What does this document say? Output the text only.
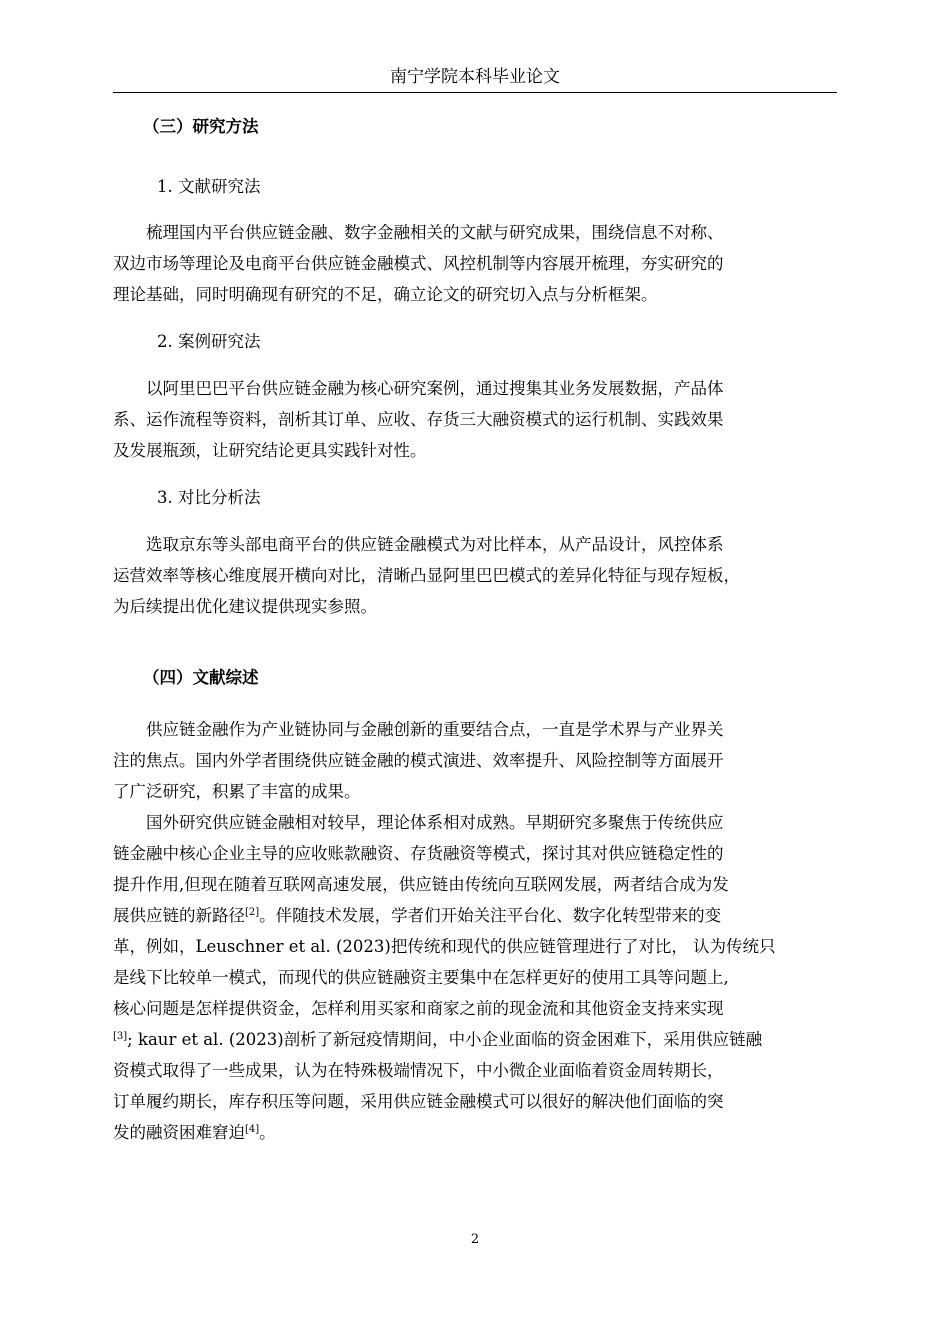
南宁学院本科毕业论文
（三）研究方法
1. 文献研究法
梳理国内平台供应链金融、数字金融相关的文献与研究成果，围绕信息不对称、
双边市场等理论及电商平台供应链金融模式、风控机制等内容展开梳理，夯实研究的
理论基础，同时明确现有研究的不足，确立论文的研究切入点与分析框架。
2. 案例研究法
以阿里巴巴平台供应链金融为核心研究案例，通过搜集其业务发展数据，产品体
系、运作流程等资料，剖析其订单、应收、存货三大融资模式的运行机制、实践效果
及发展瓶颈，让研究结论更具实践针对性。
3. 对比分析法
选取京东等头部电商平台的供应链金融模式为对比样本，从产品设计，风控体系
运营效率等核心维度展开横向对比，清晰凸显阿里巴巴模式的差异化特征与现存短板，
为后续提出优化建议提供现实参照。
（四）文献综述
供应链金融作为产业链协同与金融创新的重要结合点，一直是学术界与产业界关
注的焦点。国内外学者围绕供应链金融的模式演进、效率提升、风险控制等方面展开
了广泛研究，积累了丰富的成果。
国外研究供应链金融相对较早，理论体系相对成熟。早期研究多聚焦于传统供应
链金融中核心企业主导的应收账款融资、存货融资等模式，探讨其对供应链稳定性的
提升作用,但现在随着互联网高速发展，供应链由传统向互联网发展，两者结合成为发
展供应链的新路径[2]。伴随技术发展，学者们开始关注平台化、数字化转型带来的变
革，例如，Leuschner et al. (2023)把传统和现代的供应链管理进行了对比， 认为传统只
是线下比较单一模式，而现代的供应链融资主要集中在怎样更好的使用工具等问题上,
核心问题是怎样提供资金，怎样利用买家和商家之前的现金流和其他资金支持来实现
[3]; kaur et al. (2023)剖析了新冠疫情期间，中小企业面临的资金困难下，采用供应链融
资模式取得了一些成果，认为在特殊极端情况下，中小微企业面临着资金周转期长，
订单履约期长，库存积压等问题，采用供应链金融模式可以很好的解决他们面临的突
发的融资困难窘迫[4]。
2
